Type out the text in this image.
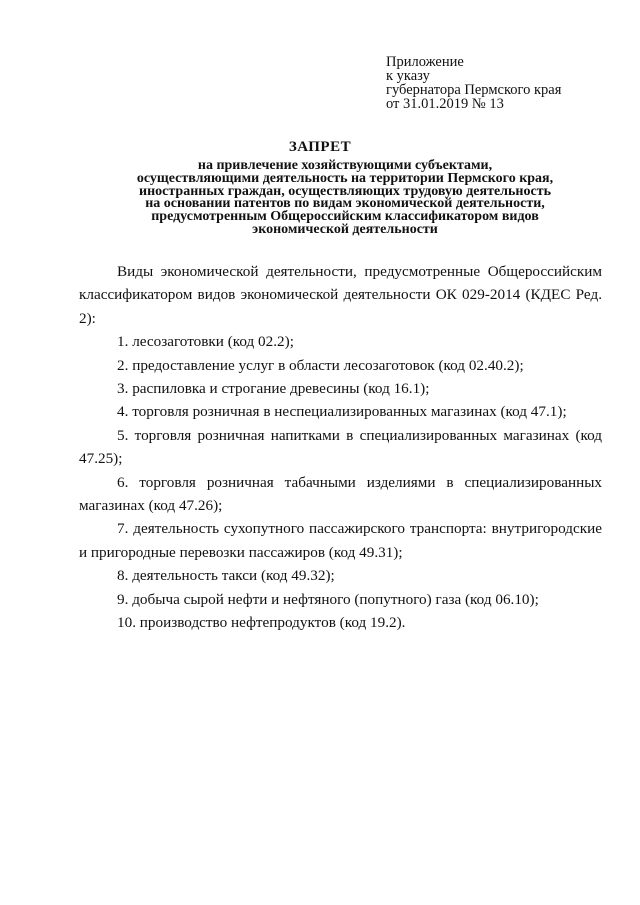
Приложение
к указу
губернатора Пермского края
от 31.01.2019 № 13
ЗАПРЕТ
на привлечение хозяйствующими субъектами,
осуществляющими деятельность на территории Пермского края,
иностранных граждан, осуществляющих трудовую деятельность
на основании патентов по видам экономической деятельности,
предусмотренным Общероссийским классификатором видов
экономической деятельности

Виды экономической деятельности, предусмотренные Общероссийским классификатором видов экономической деятельности ОК 029-2014 (КДЕС Ред. 2):

1. лесозаготовки (код 02.2);

2. предоставление услуг в области лесозаготовок (код 02.40.2);

3. распиловка и строгание древесины (код 16.1);

4. торговля розничная в неспециализированных магазинах (код 47.1);

5. торговля розничная напитками в специализированных магазинах (код 47.25);

6. торговля розничная табачными изделиями в специализированных магазинах (код 47.26);

7. деятельность сухопутного пассажирского транспорта: внутригородские и пригородные перевозки пассажиров (код 49.31);

8. деятельность такси (код 49.32);

9. добыча сырой нефти и нефтяного (попутного) газа (код 06.10);

10. производство нефтепродуктов (код 19.2).
